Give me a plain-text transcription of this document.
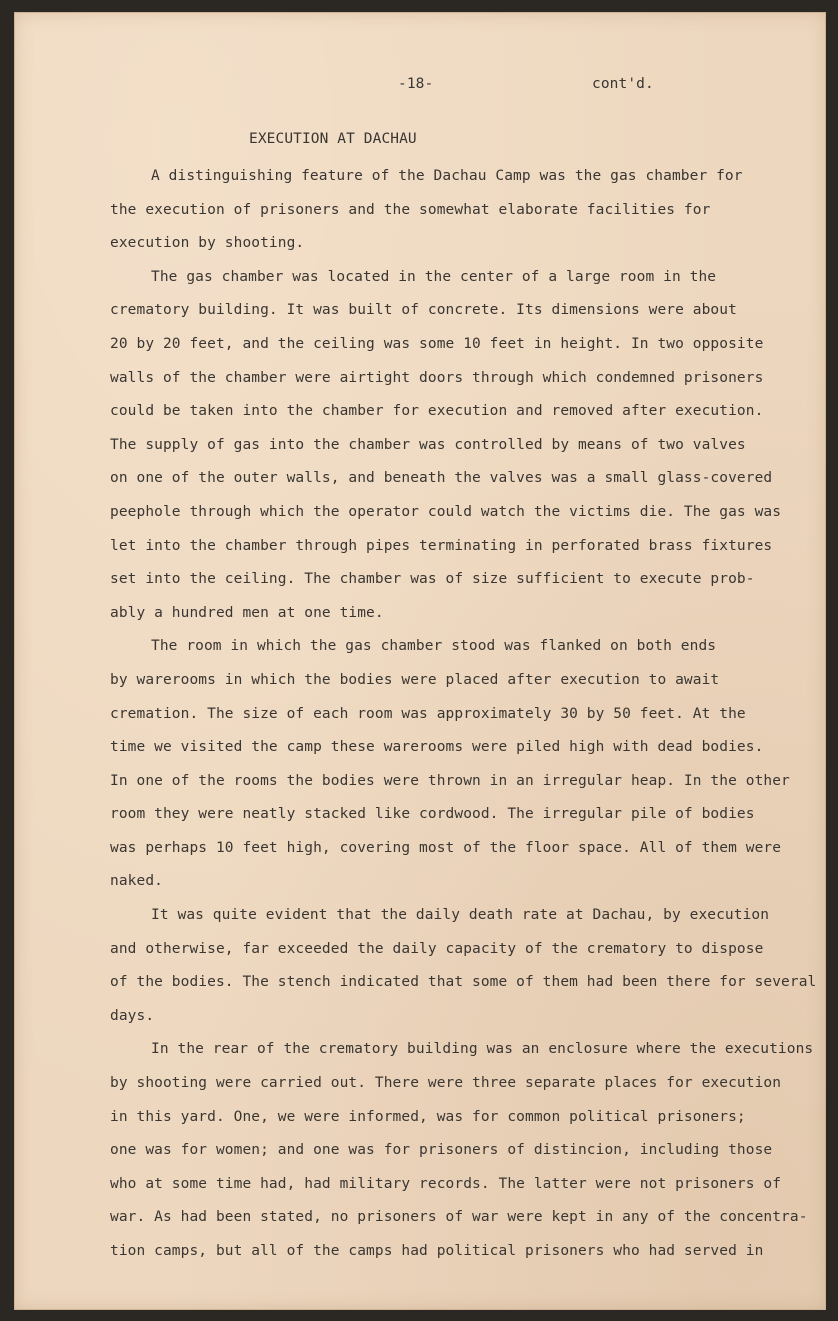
-18-	cont'd.
EXECUTION AT DACHAU
A distinguishing feature of the Dachau Camp was the gas chamber for
the execution of prisoners and the somewhat elaborate facilities for
execution by shooting.
The gas chamber was located in the center of a large room in the
crematory building. It was built of concrete. Its dimensions were about
20 by 20 feet, and the ceiling was some 10 feet in height. In two opposite
walls of the chamber were airtight doors through which condemned prisoners
could be taken into the chamber for execution and removed after execution.
The supply of gas into the chamber was controlled by means of two valves
on one of the outer walls, and beneath the valves was a small glass-covered
peephole through which the operator could watch the victims die. The gas was
let into the chamber through pipes terminating in perforated brass fixtures
set into the ceiling. The chamber was of size sufficient to execute prob-
ably a hundred men at one time.
The room in which the gas chamber stood was flanked on both ends
by warerooms in which the bodies were placed after execution to await
cremation. The size of each room was approximately 30 by 50 feet. At the
time we visited the camp these warerooms were piled high with dead bodies.
In one of the rooms the bodies were thrown in an irregular heap. In the other
room they were neatly stacked like cordwood. The irregular pile of bodies
was perhaps 10 feet high, covering most of the floor space. All of them were
naked.
It was quite evident that the daily death rate at Dachau, by execution
and otherwise, far exceeded the daily capacity of the crematory to dispose
of the bodies. The stench indicated that some of them had been there for several
days.
In the rear of the crematory building was an enclosure where the executions
by shooting were carried out. There were three separate places for execution
in this yard. One, we were informed, was for common political prisoners;
one was for women; and one was for prisoners of distincion, including those
who at some time had, had military records. The latter were not prisoners of
war. As had been stated, no prisoners of war were kept in any of the concentra-
tion camps, but all of the camps had political prisoners who had served in
